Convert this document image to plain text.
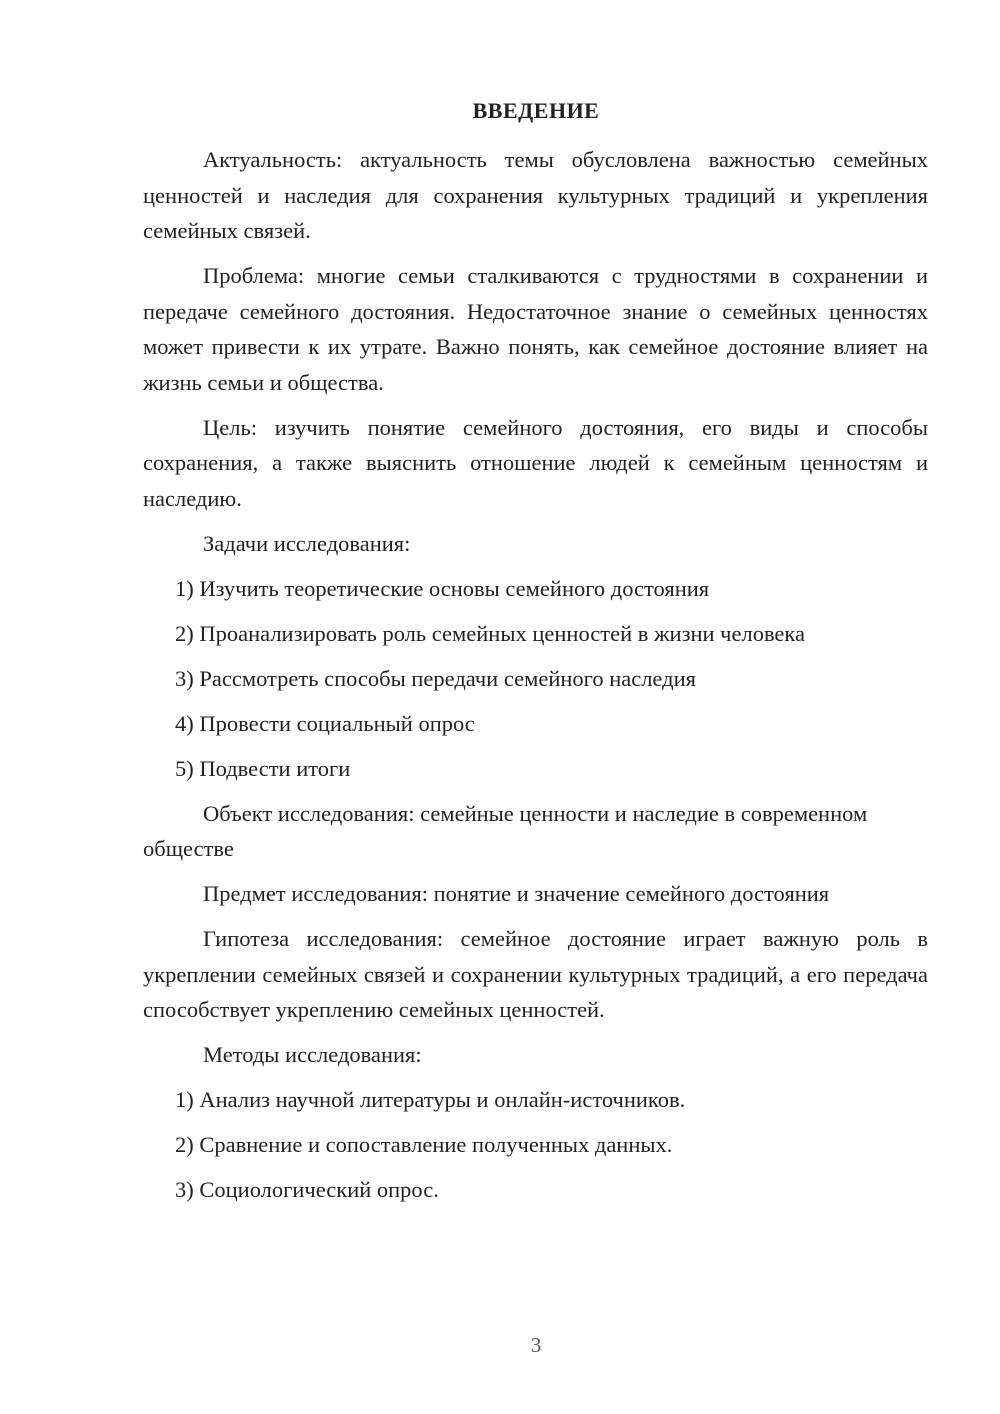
ВВЕДЕНИЕ

Актуальность: актуальность темы обусловлена важностью семейных ценностей и наследия для сохранения культурных традиций и укрепления семейных связей.

Проблема: многие семьи сталкиваются с трудностями в сохранении и передаче семейного достояния. Недостаточное знание о семейных ценностях может привести к их утрате. Важно понять, как семейное достояние влияет на жизнь семьи и общества.

Цель: изучить понятие семейного достояния, его виды и способы сохранения, а также выяснить отношение людей к семейным ценностям и наследию.

Задачи исследования:

1) Изучить теоретические основы семейного достояния
2) Проанализировать роль семейных ценностей в жизни человека
3) Рассмотреть способы передачи семейного наследия
4) Провести социальный опрос
5) Подвести итоги

Объект исследования: семейные ценности и наследие в современном обществе

Предмет исследования: понятие и значение семейного достояния

Гипотеза исследования: семейное достояние играет важную роль в укреплении семейных связей и сохранении культурных традиций, а его передача способствует укреплению семейных ценностей.

Методы исследования:

1) Анализ научной литературы и онлайн-источников.
2) Сравнение и сопоставление полученных данных.
3) Социологический опрос.
3
